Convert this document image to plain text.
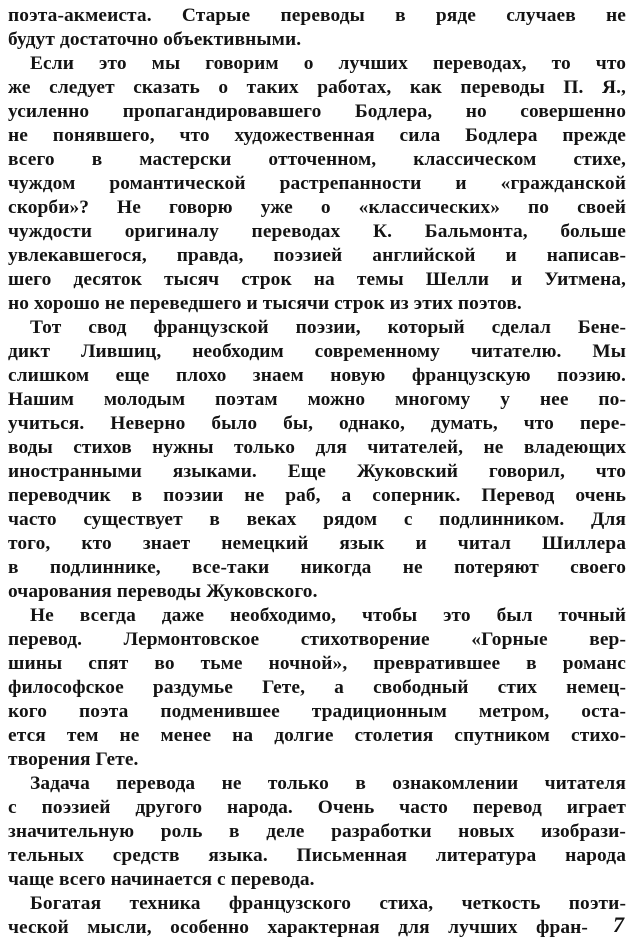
поэта-акмеиста. Старые переводы в ряде случаев не
будут достаточно объективными.
Если это мы говорим о лучших переводах, то что
же следует сказать о таких работах, как переводы П. Я.,
усиленно пропагандировавшего Бодлера, но совершенно
не понявшего, что художественная сила Бодлера прежде
всего в мастерски отточенном, классическом стихе,
чуждом романтической растрепанности и «гражданской
скорби»? Не говорю уже о «классических» по своей
чуждости оригиналу переводах К. Бальмонта, больше
увлекавшегося, правда, поэзией английской и написав-
шего десяток тысяч строк на темы Шелли и Уитмена,
но хорошо не переведшего и тысячи строк из этих поэтов.
Тот свод французской поэзии, который сделал Бене-
дикт Лившиц, необходим современному читателю. Мы
слишком еще плохо знаем новую французскую поэзию.
Нашим молодым поэтам можно многому у нее по-
учиться. Неверно было бы, однако, думать, что пере-
воды стихов нужны только для читателей, не владеющих
иностранными языками. Еще Жуковский говорил, что
переводчик в поэзии не раб, а соперник. Перевод очень
часто существует в веках рядом с подлинником. Для
того, кто знает немецкий язык и читал Шиллера
в подлиннике, все-таки никогда не потеряют своего
очарования переводы Жуковского.
Не всегда даже необходимо, чтобы это был точный
перевод. Лермонтовское стихотворение «Горные вер-
шины спят во тьме ночной», превратившее в романс
философское раздумье Гете, а свободный стих немец-
кого поэта подменившее традиционным метром, оста-
ется тем не менее на долгие столетия спутником стихо-
творения Гете.
Задача перевода не только в ознакомлении читателя
с поэзией другого народа. Очень часто перевод играет
значительную роль в деле разработки новых изобрази-
тельных средств языка. Письменная литература народа
чаще всего начинается с перевода.
Богатая техника французского стиха, четкость поэти-
ческой мысли, особенно характерная для лучших фран- 7
